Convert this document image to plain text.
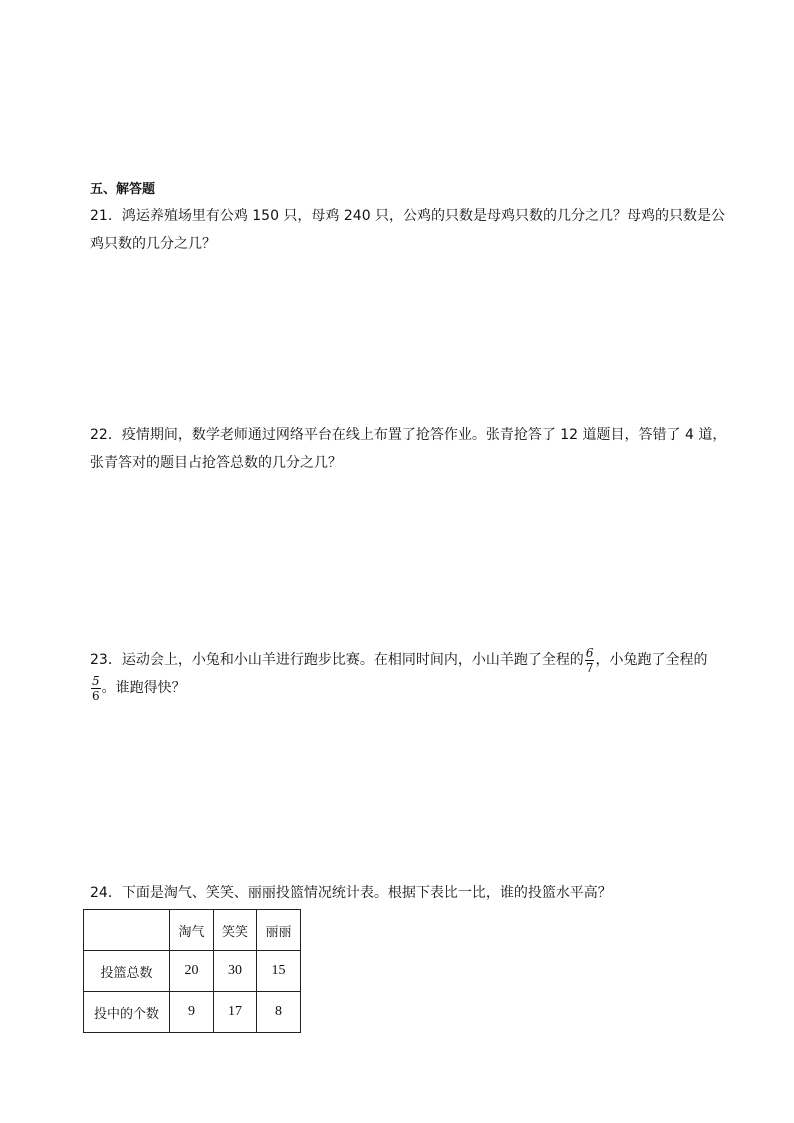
五、解答题
21．鸿运养殖场里有公鸡 150 只，母鸡 240 只，公鸡的只数是母鸡只数的几分之几？母鸡的只数是公
鸡只数的几分之几？
22．疫情期间，数学老师通过网络平台在线上布置了抢答作业。张青抢答了 12 道题目，答错了 4 道，
张青答对的题目占抢答总数的几分之几？
23．运动会上，小兔和小山羊进行跑步比赛。在相同时间内，小山羊跑了全程的 $\frac{6}{7}$ ，小兔跑了全程的
$\frac{5}{6}$ 。谁跑得快？
24．下面是淘气、笑笑、丽丽投篮情况统计表。根据下表比一比，谁的投篮水平高？
	淘气	笑笑	丽丽
投篮总数	20	30	15
投中的个数	9	17	8
